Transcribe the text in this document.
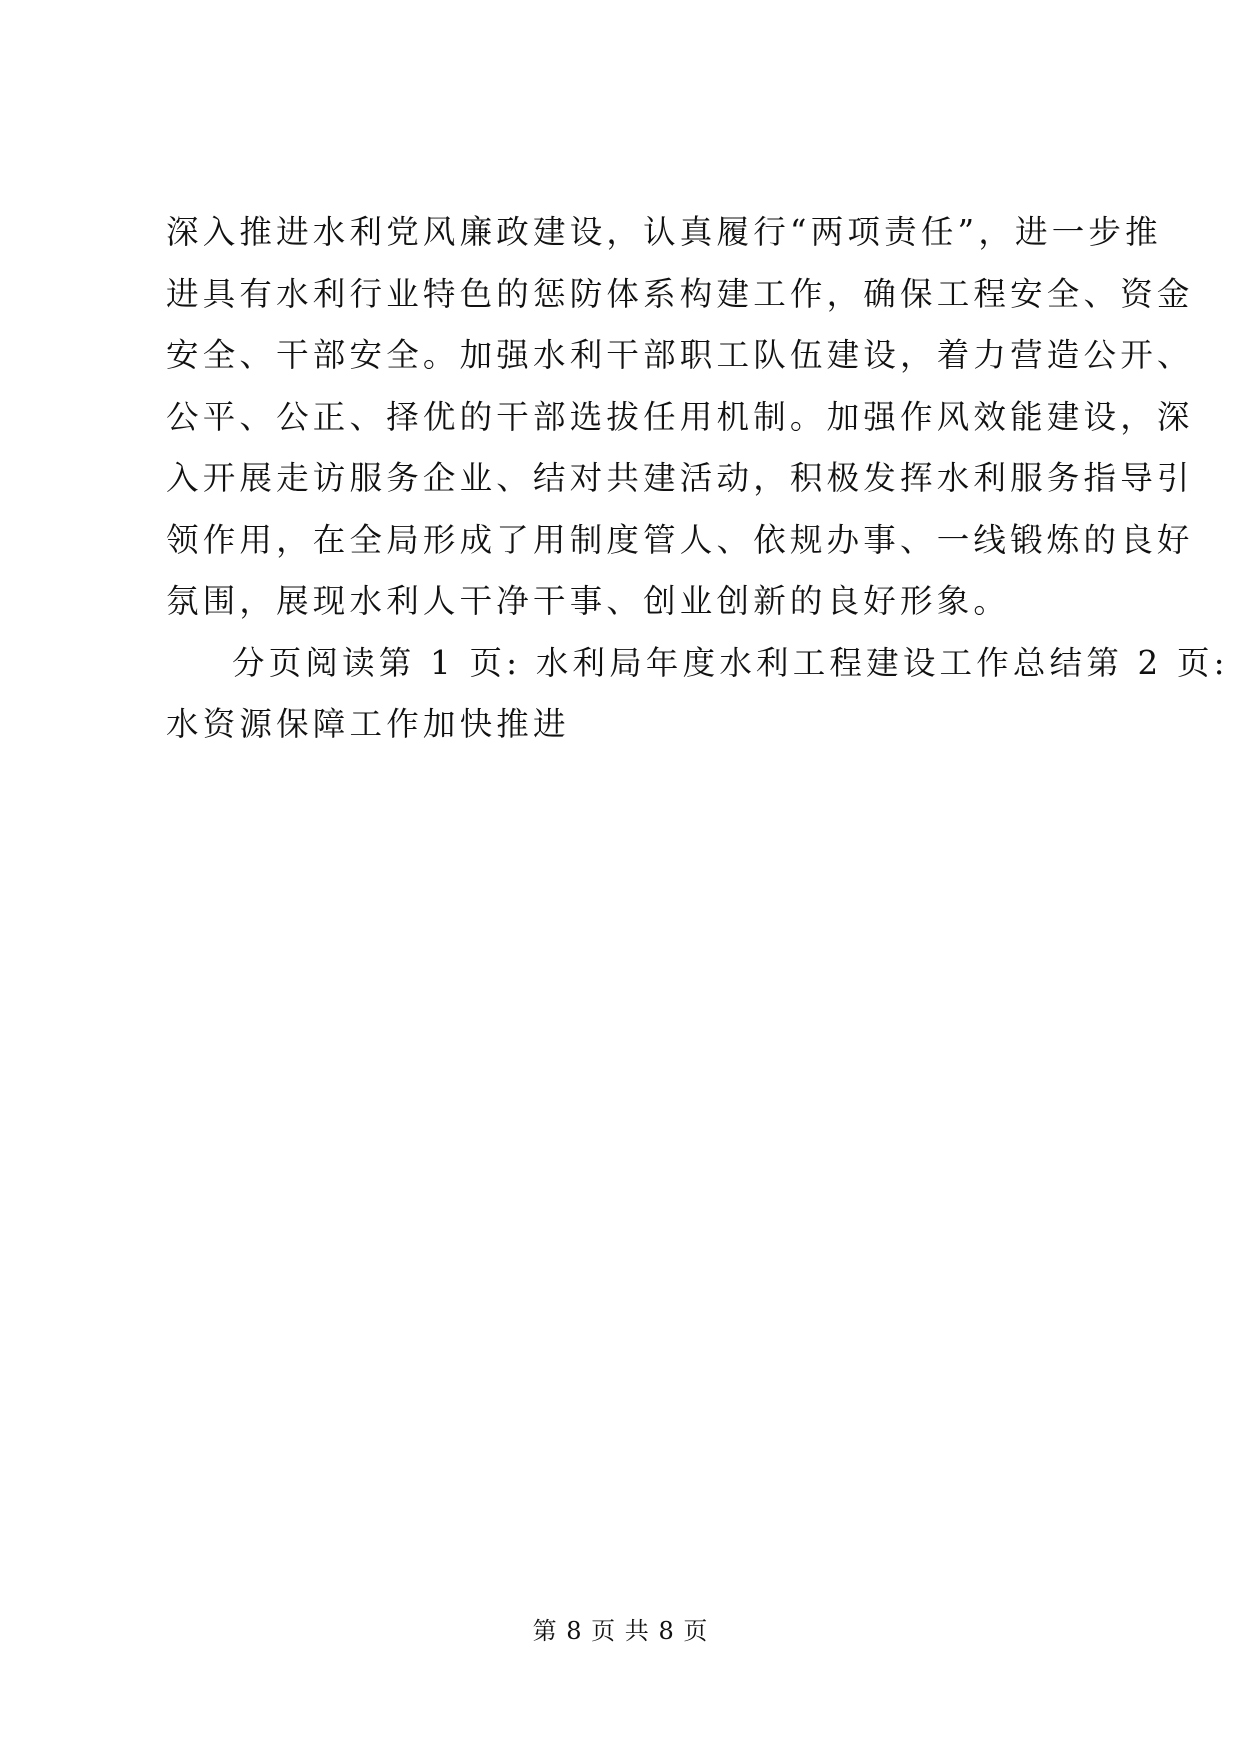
深入推进水利党风廉政建设，认真履行“两项责任”，进一步推
进具有水利行业特色的惩防体系构建工作，确保工程安全、资金
安全、干部安全。加强水利干部职工队伍建设，着力营造公开、
公平、公正、择优的干部选拔任用机制。加强作风效能建设，深
入开展走访服务企业、结对共建活动，积极发挥水利服务指导引
领作用，在全局形成了用制度管人、依规办事、一线锻炼的良好
氛围，展现水利人干净干事、创业创新的良好形象。

分页阅读第 1 页: 水利局年度水利工程建设工作总结第 2 页:
水资源保障工作加快推进

第 8 页 共 8 页
